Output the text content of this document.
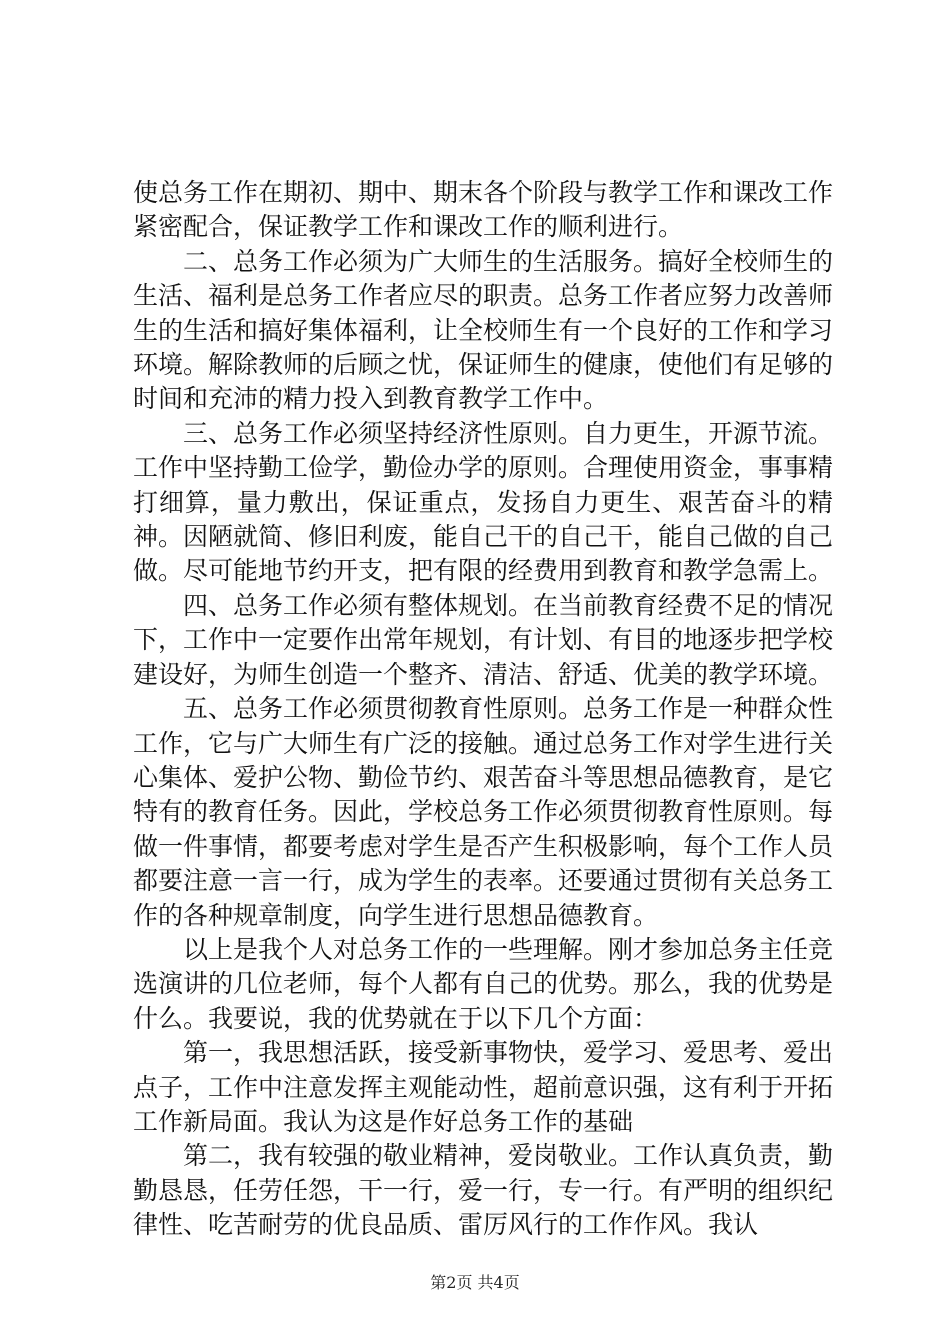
使总务工作在期初、期中、期末各个阶段与教学工作和课改工作紧密配合，保证教学工作和课改工作的顺利进行。

二、总务工作必须为广大师生的生活服务。搞好全校师生的生活、福利是总务工作者应尽的职责。总务工作者应努力改善师生的生活和搞好集体福利，让全校师生有一个良好的工作和学习环境。解除教师的后顾之忧，保证师生的健康，使他们有足够的时间和充沛的精力投入到教育教学工作中。

三、总务工作必须坚持经济性原则。自力更生，开源节流。工作中坚持勤工俭学，勤俭办学的原则。合理使用资金，事事精打细算，量力敷出，保证重点，发扬自力更生、艰苦奋斗的精神。因陋就简、修旧利废，能自己干的自己干，能自己做的自己做。尽可能地节约开支，把有限的经费用到教育和教学急需上。

四、总务工作必须有整体规划。在当前教育经费不足的情况下，工作中一定要作出常年规划，有计划、有目的地逐步把学校建设好，为师生创造一个整齐、清洁、舒适、优美的教学环境。

五、总务工作必须贯彻教育性原则。总务工作是一种群众性工作，它与广大师生有广泛的接触。通过总务工作对学生进行关心集体、爱护公物、勤俭节约、艰苦奋斗等思想品德教育，是它特有的教育任务。因此，学校总务工作必须贯彻教育性原则。每做一件事情，都要考虑对学生是否产生积极影响，每个工作人员都要注意一言一行，成为学生的表率。还要通过贯彻有关总务工作的各种规章制度，向学生进行思想品德教育。

以上是我个人对总务工作的一些理解。刚才参加总务主任竞选演讲的几位老师，每个人都有自己的优势。那么，我的优势是什么。我要说，我的优势就在于以下几个方面：

第一，我思想活跃，接受新事物快，爱学习、爱思考、爱出点子，工作中注意发挥主观能动性，超前意识强，这有利于开拓工作新局面。我认为这是作好总务工作的基础

第二，我有较强的敬业精神，爱岗敬业。工作认真负责，勤勤恳恳，任劳任怨，干一行，爱一行，专一行。有严明的组织纪律性、吃苦耐劳的优良品质、雷厉风行的工作作风。我认

第2页 共4页
